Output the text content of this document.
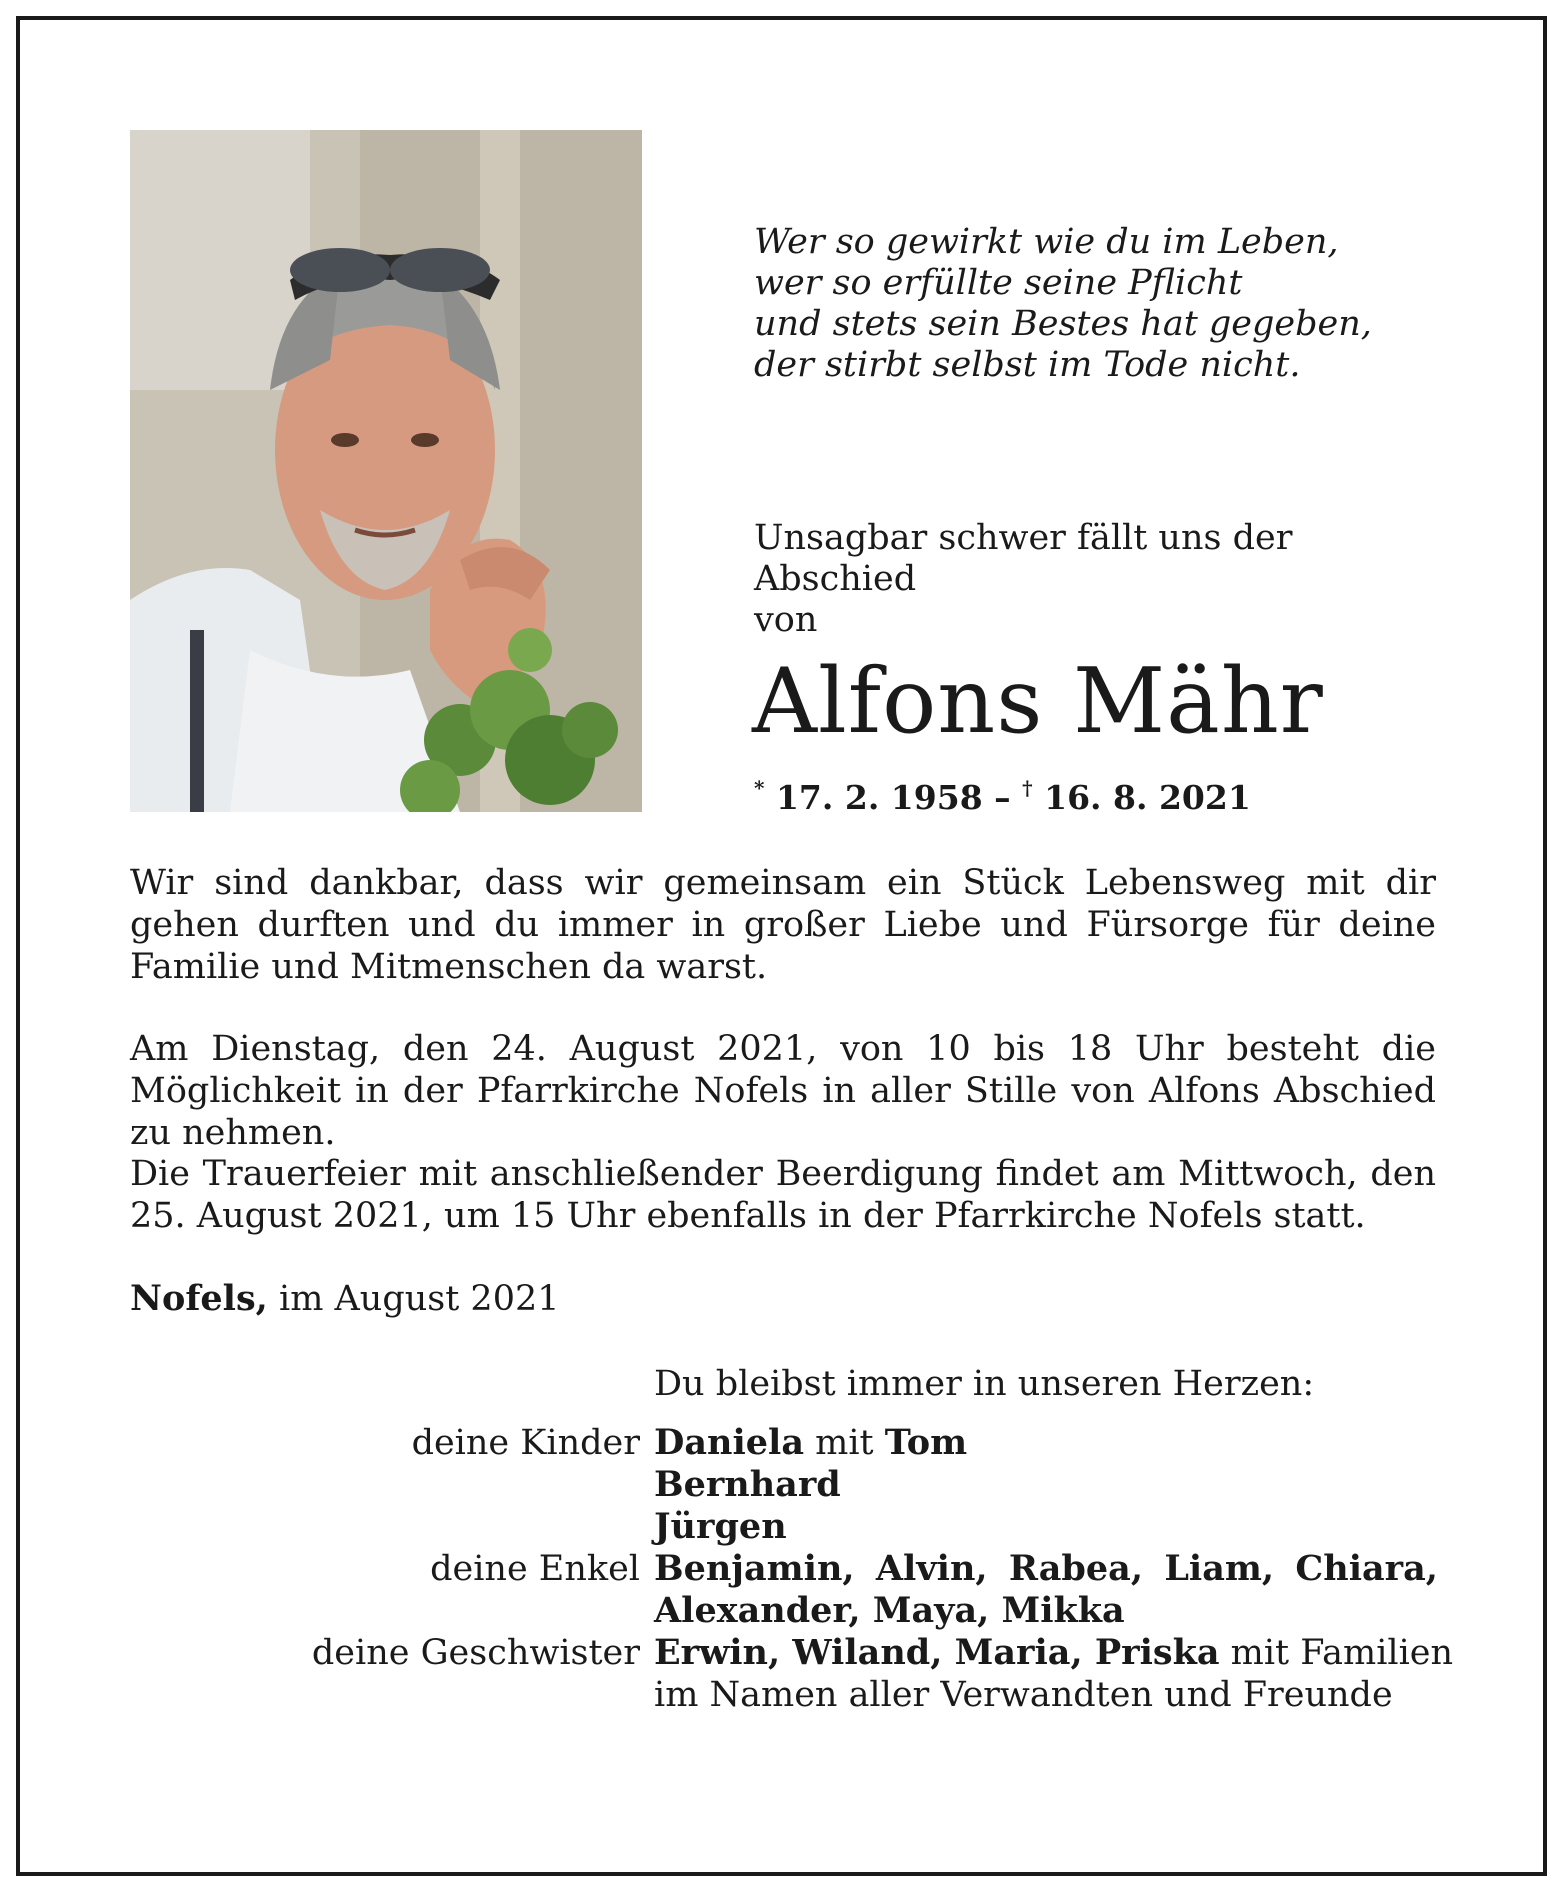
Wer so gewirkt wie du im Leben,
wer so erfüllte seine Pflicht
und stets sein Bestes hat gegeben,
der stirbt selbst im Tode nicht.
Unsagbar schwer fällt uns der Abschied
von
Alfons Mähr
* 17. 2. 1958 – † 16. 8. 2021
Wir sind dankbar, dass wir gemeinsam ein Stück Lebensweg mit dir gehen durften und du immer in großer Liebe und Fürsorge für deine Familie und Mitmenschen da warst.
Am Dienstag, den 24. August 2021, von 10 bis 18 Uhr besteht die Möglichkeit in der Pfarrkirche Nofels in aller Stille von Alfons Abschied zu nehmen.
Die Trauerfeier mit anschließender Beerdigung findet am Mittwoch, den 25. August 2021, um 15 Uhr ebenfalls in der Pfarrkirche Nofels statt.
Nofels, im August 2021
Du bleibst immer in unseren Herzen:
deine Kinder Daniela mit Tom
Bernhard
Jürgen
deine Enkel Benjamin, Alvin, Rabea, Liam, Chiara,
Alexander, Maya, Mikka
deine Geschwister Erwin, Wiland, Maria, Priska mit Familien
im Namen aller Verwandten und Freunde
